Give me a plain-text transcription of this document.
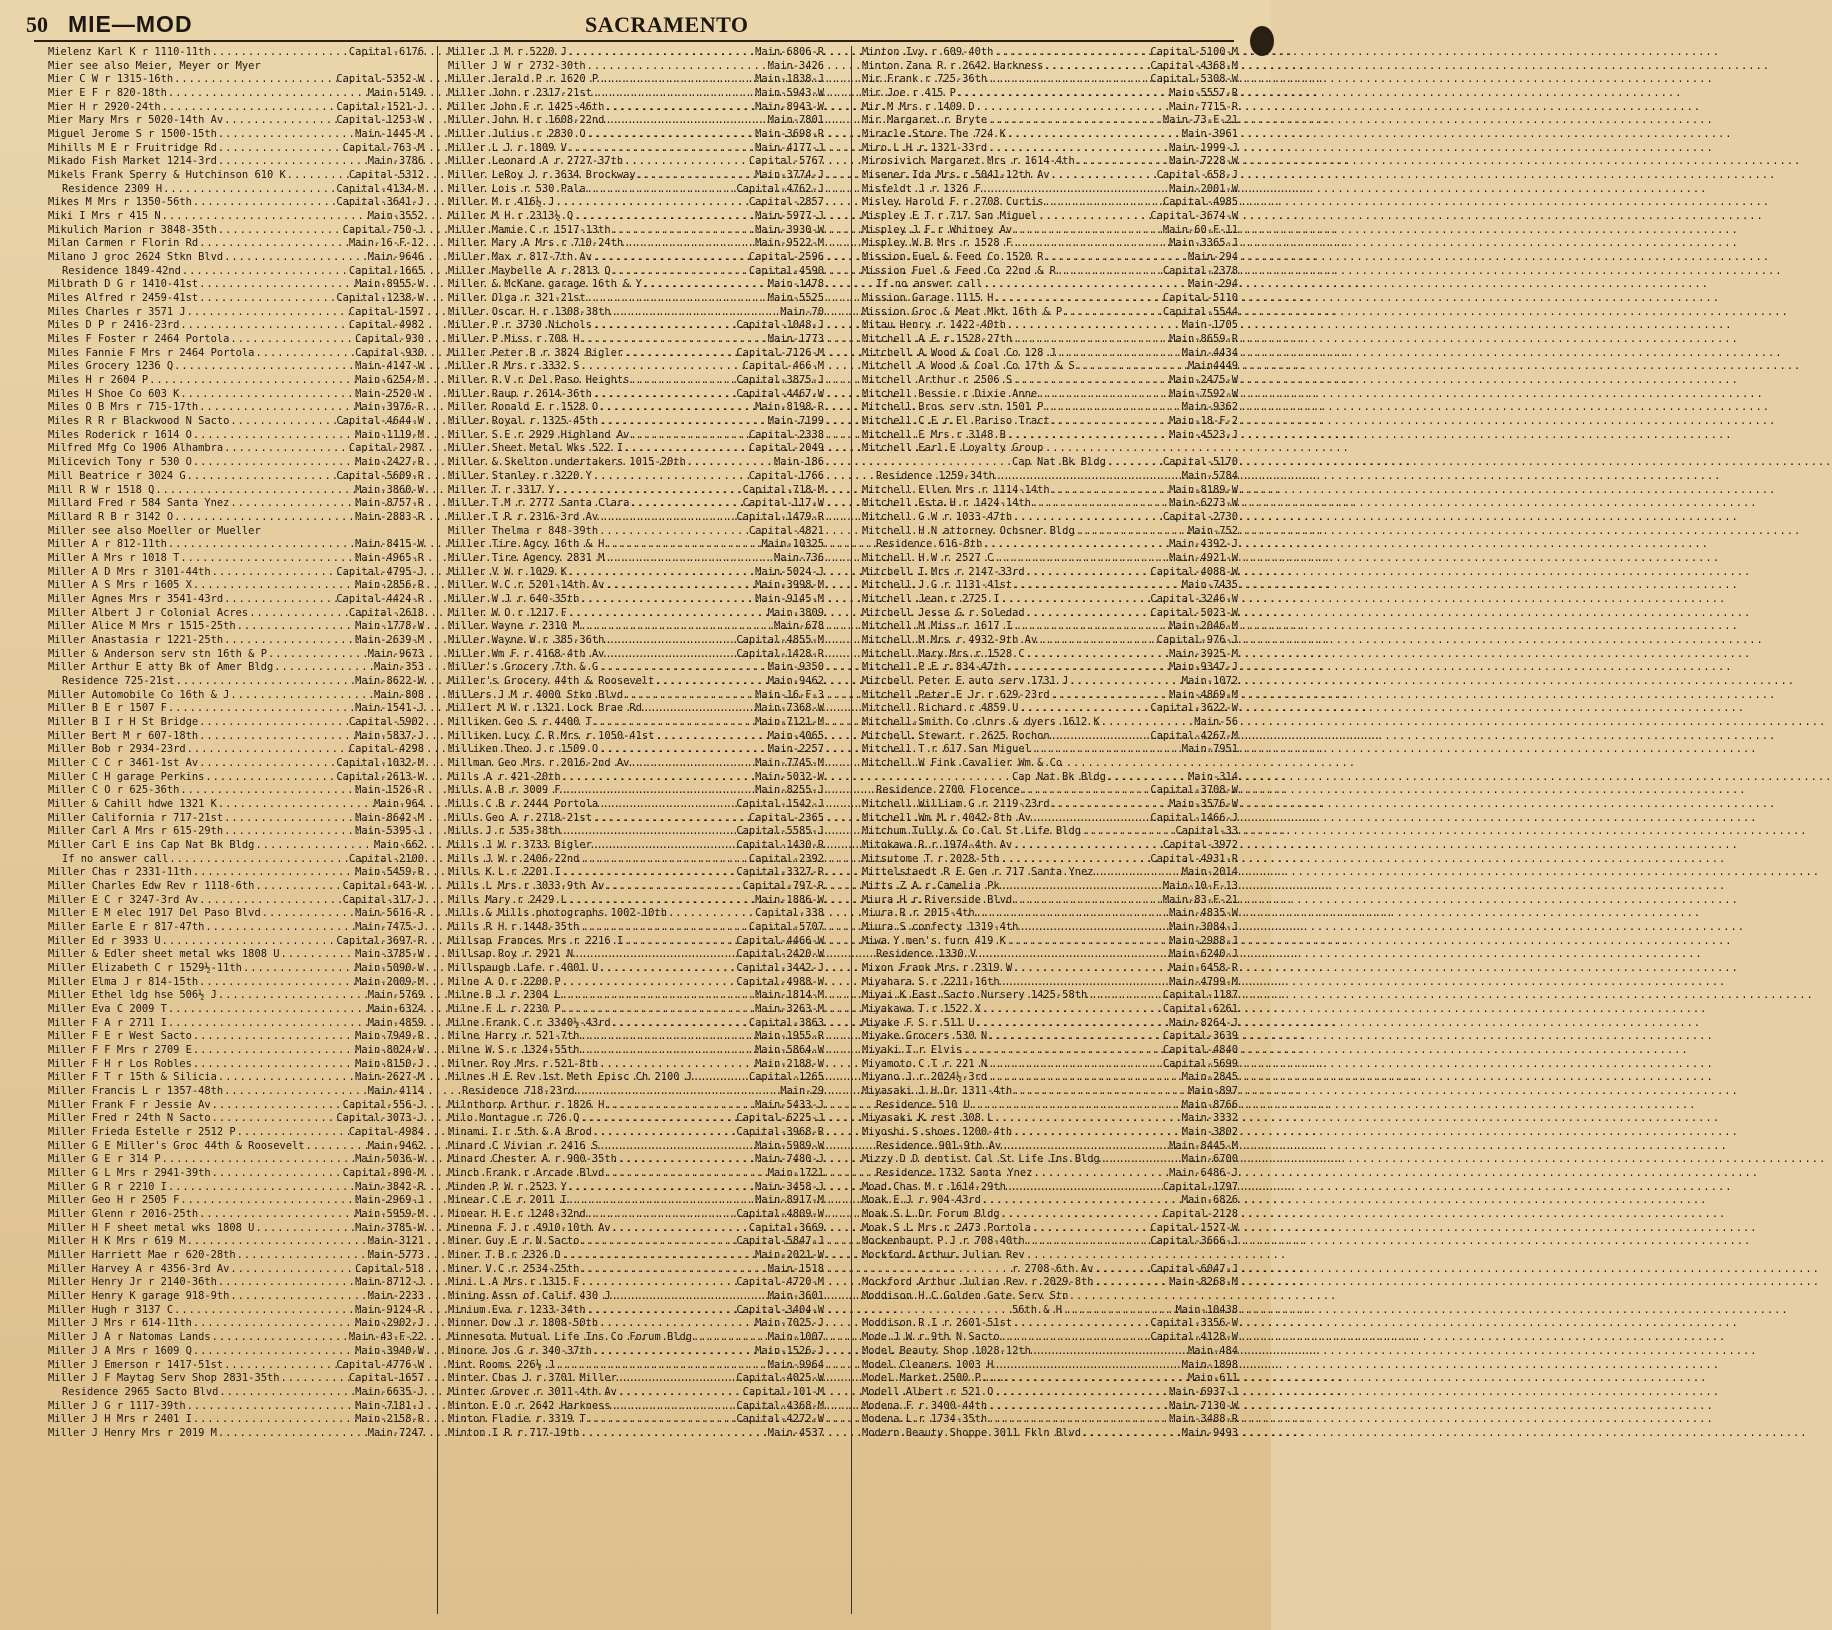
50 MIE—MOD	SACRAMENTO
Mielenz Karl K r 1110-11th .....	Capital-6176
Mier see also Meier, Meyer or Myer
Mier C W r 1315-16th .....	Capital-5352-W
Mier E F r 820-18th .....	Main-5149
Mier H r 2920-24th .....	Capital-1521-J
Mier Mary Mrs r 5020-14th Av .....	Capital-1253-W
Miguel Jerome S r 1500-15th .....	Main-1445-M
Mihills M E r Fruitridge Rd .....	Capital-763-M
Mikado Fish Market 1214-3rd .....	Main-3786
Mikels Frank Sperry & Hutchinson 610 K .....	Capital-5312
Residence 2309 H .....	Capital-4134-M
Mikes M Mrs r 1350-56th .....	Capital-3641-J
Miki I Mrs r 415 N .....	Main-3552
Mikulich Marion r 3848-35th .....	Capital-750-J
Milan Carmen r Florin Rd .....	Main-16-F-12
Milano J groc 2624 Stkn Blvd .....	Main-9646
Residence 1849-42nd .....	Capital-1665
Milbrath D G r 1410-41st .....	Main-8955-W
Miles Alfred r 2459-41st .....	Capital-1238-W
Miles Charles r 3571 J .....	Capital-1597
Miles D P r 2416-23rd .....	Capital-4982
Miles F Foster r 2464 Portola .....	Capital-930
Miles Fannie F Mrs r 2464 Portola .....	Capital-930
Miles Grocery 1236 Q .....	Main-4147-W
Miles H r 2604 P .....	Main-6254-M
Miles H Shoe Co 603 K .....	Main-2520-W
Miles O B Mrs r 715-17th .....	Main-3976-R
Miles R R r Blackwood N Sacto .....	Capital-4644-W
Miles Roderick r 1614 O .....	Main-1119-M
Milfred Mfg Co 1906 Alhambra .....	Capital-2987
Milicevich Tony r 530 O .....	Main-2427-R
Mill Beatrice r 3024 G .....	Capital-5609-R
Mill R W r 1518 Q .....	Main-3860-W
Millard Fred r 584 Santa Ynez .....	Main-8757-R
Millard R B r 3142 O .....	Main-2883-R
Miller see also Moeller or Mueller
Miller A r 812-11th .....	Main-8415-W
Miller A Mrs r 1018 T .....	Main-4965-R
Miller A D Mrs r 3101-44th .....	Capital-4795-J
Miller A S Mrs r 1605 X .....	Main-2856-R
Miller Agnes Mrs r 3541-43rd .....	Capital-4424-R
Miller Albert J r Colonial Acres .....	Capital-2618
Miller Alice M Mrs r 1515-25th .....	Main-1778-W
Miller Anastasia r 1221-25th .....	Main-2639-M
Miller & Anderson serv stn 16th & P .....	Main-9673
Miller Arthur E atty Bk of Amer Bldg .....	Main-353
Residence 725-21st .....	Main-8622-W
Miller Automobile Co 16th & J .....	Main-808
Miller B E r 1507 F .....	Main-1541-J
Miller B I r H St Bridge .....	Capital-5902
Miller Bert M r 607-18th .....	Main-5837-J
Miller Bob r 2934-23rd .....	Capital-4298
Miller C C r 3461-1st Av .....	Capital-1032-M
Miller C H garage Perkins .....	Capital-2613-W
Miller C O r 625-36th .....	Main-1526-R
Miller & Cahill hdwe 1321 K .....	Main-964
Miller California r 717-21st .....	Main-8642-M
Miller Carl A Mrs r 615-29th .....	Main-5395-J
Miller Carl E ins Cap Nat Bk Bldg .....	Main-662
If no answer call .....	Capital-2100
Miller Chas r 2331-11th .....	Main-5459-R
Miller Charles Edw Rev r 1118-6th .....	Capital-643-W
Miller E C r 3247-3rd Av .....	Capital-317-J
Miller E M elec 1917 Del Paso Blvd .....	Main-5616-R
Miller Earle E r 817-47th .....	Main-7475-J
Miller Ed r 3933 U .....	Capital-3697-R
Miller & Edler sheet metal wks 1808 U .....	Main-3785-W
Miller Elizabeth C r 1529½-11th .....	Main-5090-W
Miller Elma J r 814-15th .....	Main-2009-M
Miller Ethel ldg hse 506½ J .....	Main-5769
Miller Eva C 2009 T .....	Main-6324
Miller F A r 2711 I .....	Main-4859
Miller F E r West Sacto .....	Main-7949-R
Miller F F Mrs r 2709 E .....	Main-8024-W
Miller F H r Los Robles .....	Main-8150-J
Miller F T r 15th & Silicia .....	Main-2627-M
Miller Francis L r 1357-48th .....	Main-4114
Miller Frank F r Jessie Av .....	Capital-556-J
Miller Fred r 24th N Sacto .....	Capital-3073-J
Miller Frieda Estelle r 2512 P .....	Capital-4984
Miller G E Miller's Groc 44th & Roosevelt .....	Main-9462
Miller G E r 314 P .....	Main-5036-W
Miller G L Mrs r 2941-39th .....	Capital-890-M
Miller G R r 2210 I .....	Main-3842-R
Miller Geo H r 2505 F .....	Main-2969-J
Miller Glenn r 2016-25th .....	Main-5959-M
Miller H F sheet metal wks 1808 U .....	Main-3785-W
Miller H K Mrs r 619 M .....	Main-3121
Miller Harriett Mae r 620-28th .....	Main-5773
Miller Harvey A r 4356-3rd Av .....	Capital-518
Miller Henry Jr r 2140-36th .....	Main-8712-J
Miller Henry K garage 918-9th .....	Main-2233
Miller Hugh r 3137 C .....	Main-9124-R
Miller J Mrs r 614-11th .....	Main-2902-J
Miller J A r Natomas Lands .....	Main-43-F-22
Miller J A Mrs r 1609 Q .....	Main-3940-W
Miller J Emerson r 1417-51st .....	Capital-4776-W
Miller J F Maytag Serv Shop 2831-35th .....	Capital-1657
Residence 2965 Sacto Blvd .....	Main-6635-J
Miller J G r 1117-39th .....	Main-7181-J
Miller J H Mrs r 2401 I .....	Main-2158-R
Miller J Henry Mrs r 2019 M .....	Main-7247
Miller J M r 5220 J .....	Main-6806-R
Miller J W r 2732-30th .....	Main-3426
Miller Jerald P r 1620 P .....	Main-1838-J
Miller John r 2317-21st .....	Main-5943-W
Miller John F r 1425-46th .....	Main-8943-W
Miller John H r 1608-22nd .....	Main-7801
Miller Julius r 2830 O .....	Main-3698-R
Miller L J r 1809 V .....	Main-4177-J
Miller Leonard A r 2727-37th .....	Capital-5767
Miller LeRoy J r 3634 Brockway .....	Main-3774-J
Miller Lois r 530 Pala .....	Capital-4762-J
Miller M r 416½ J .....	Capital-2857
Miller M H r 2313½ Q .....	Main-5977-J
Miller Mamie C r 1517-13th .....	Main-3930-W
Miller Mary A Mrs r 710-24th .....	Main-9522-M
Miller Max r 817-7th Av .....	Capital-2596
Miller Maybelle A r 2813 Q .....	Capital-4590
Miller & McKane garage 16th & Y .....	Main-1478
Miller Olga r 321-21st .....	Main-5525
Miller Oscar H r 1308-38th .....	Main-70
Miller P r 3730 Nichols .....	Capital-1048-J
Miller P Miss r 708 H .....	Main-1773
Miller Peter B r 3824 Bigler .....	Capital-7126-M
Miller R Mrs r 3332 S .....	Capital-466-M
Miller R V r Del Paso Heights .....	Capital-3875-J
Miller Raup r 2614-36th .....	Capital-4467-W
Miller Ronald E r 1528 O .....	Main-8198-R
Miller Royal r 1325-45th .....	Main-7199
Miller S E r 2929 Highland Av .....	Capital-2338
Miller Sheet Metal Wks 522 I .....	Capital-2049
Miller & Skelton undertakers 1015-20th .....	Main-186
Miller Stanley r 3220 Y .....	Capital-1766
Miller T r 3317 Y .....	Capital-718-M
Miller T M r 2777 Santa Clara .....	Capital-117-W
Miller T R r 2316-3rd Av .....	Capital-1479-R
Miller Thelma r 848-39th .....	Capital-4821
Miller Tire Agcy 16th & H .....	Main-10325
Miller Tire Agency 2831 M .....	Main-736
Miller V W r 1029 K .....	Main-5024-J
Miller W C r 5201-14th Av .....	Main-3998-M
Miller W J r 640-35th .....	Main-9145-M
Miller W O r 1217 F .....	Main-3809
Miller Wayne r 2310 M .....	Main-678
Miller Wayne W r 385-36th .....	Capital-4855-M
Miller Wm F r 4168-4th Av .....	Capital-1428-R
Miller's Grocery 7th & G .....	Main-9350
Miller's Grocery 44th & Roosevelt .....	Main-9462
Millers J M r 4000 Stkn Blvd .....	Main-16-F-3
Millert M W r 1321 Lock Brae Rd .....	Main-7368-W
Milliken Geo S r 4400 T .....	Main-7121-M
Milliken Lucy C R Mrs r 1050-41st .....	Main-4065
Milliken Theo J r 1509 O .....	Main-2257
Millman Geo Mrs r 2016-2nd Av .....	Main-7745-M
Mills A r 421-20th .....	Main-5032-W
Mills A B r 3009 F .....	Main-8255-J
Mills C B r 2444 Portola .....	Capital-1542-J
Mills Geo A r 2718-21st .....	Capital-2365
Mills J r 535-38th .....	Capital-5585-J
Mills J W r 3733 Bigler .....	Capital-1430-R
Mills J W r 2406-22nd .....	Capital-2392
Mills K L r 2201 I .....	Capital-3327-R
Mills L Mrs r 3033-9th Av .....	Capital-797-R
Mills Mary r 2429 L .....	Main-1886-W
Mills & Mills photographs 1002-10th .....	Capital-338
Mills R H r 1448-35th .....	Capital-5707
Millsap Frances Mrs r 2216 I .....	Capital-4466-W
Millsap Roy r 2921 N .....	Capital-2420-W
Millspaugh Lafe r 4001 U .....	Capital-3442-J
Milne A O r 2200 P .....	Capital-4988-W
Milne B J r 2304 L .....	Main-1814-M
Milne F L r 2230 P .....	Main-3263-M
Milne Frank C r 3340½-43rd .....	Capital-3863
Milne Harry r 521-7th .....	Main-1955-R
Milne W S r 1324-55th .....	Main-5864-W
Milner Roy Mrs r 521-8th .....	Main-2188-W
Milnes H E Rev 1st Meth Episc Ch 2100 J .....	Capital-1265
Residence 718-23rd .....	Main-29
Milnthorp Arthur r 1826 H .....	Main-5433-J
Milo Montague r 726 Q .....	Capital-6225-J
Minami I r 5th & A Brod .....	Capital-3968-R
Minard C Vivian r 2416 S .....	Main-5989-W
Minard Chester A r 900-35th .....	Main-7480-J
Minch Frank r Arcade Blvd .....	Main-1721
Minden P W r 2523 Y .....	Main-3458-J
Minear C E r 2011 I .....	Main-8917-M
Minear H E r 1248-32nd .....	Capital-4809-W
Minenna F J r 4910-10th Av .....	Capital-3669
Miner Guy E r N Sacto .....	Capital-5847-J
Miner T B r 2326 D .....	Main-2021-W
Miner V C r 2534-25th .....	Main-1518
Mini L A Mrs r 1315 F .....	Capital-4720-M
Mining Assn of Calif 430 J .....	Main-3601
Minium Eva r 1233-34th .....	Capital-3404-W
Minner Dow J r 1808-50th .....	Main-7025-J
Minnesota Mutual Life Ins Co Forum Bldg .....	Main-1007
Minore Jos G r 340-37th .....	Main-1526-J
Mint Rooms 226½ J .....	Main-9964
Minter Chas J r 3701 Miller .....	Capital-4025-W
Minter Grover r 3011-4th Av .....	Capital-101-M
Minton E O r 2642 Harkness .....	Capital-4368-M
Minton Fladie r 3319 T .....	Capital-4272-W
Minton I R r 717-19th .....	Main-4537
Minton Ivy r 609-40th .....	Capital-5100-M
Minton Zana R r 2642 Harkness .....	Capital-4368-M
Mir Frank r 725-36th .....	Capital-5308-W
Mir Joe r 415 P .....	Main-5557-R
Mir M Mrs r 1409 D .....	Main-7715-R
Mir Margaret r Bryte .....	Main-73-F-21
Miracle Store The 724 K .....	Main-3961
Miro L H r 1321-33rd .....	Main-1999-J
Mirosivich Margaret Mrs r 1614-4th .....	Main-7228-W
Misener Ida Mrs r 5041-12th Av .....	Capital-658-J
Misfeldt J r 1326 F .....	Main-2001-W
Misley Harold F r 2708 Curtis .....	Capital-4985
Mispley E T r 717 San Miguel .....	Capital-3674-W
Mispley J F r Whitney Av .....	Main-60-F-11
Mispley W B Mrs r 1528 F .....	Main-3365-J
Mission Fuel & Feed Co 1520 R .....	Main-294
Mission Fuel & Feed Co 22nd & R .....	Capital-2378
If no answer call .....	Main-294
Mission Garage 1115 H .....	Capital-5110
Mission Groc & Meat Mkt 16th & P .....	Capital-5544
Mitau Henry r 1422-40th .....	Main-1705
Mitchell A E r 1528-27th .....	Main-8659-R
Mitchell A Wood & Coal Co 128 J .....	Main-4434
Mitchell A Wood & Coal Co 17th & S .....	Main4449
Mitchell Arthur r 2506 S .....	Main-2475-W
Mitchell Bessie r Dixie Anne .....	Main-7592-W
Mitchell Bros serv stn 1501 P .....	Main-9362
Mitchell C E r El Pariso Tract .....	Main-18-F-2
Mitchell E Mrs r 3148 B .....	Main-4523-J
Mitchell Earl E Loyalty Group
Cap Nat Bk Bldg .....	Capital-5170
Residence 1259-34th .....	Main-5784
Mitchell Ellen Mrs r 1114-14th .....	Main-8189-W
Mitchell Esta H r 1424-14th .....	Main-6273-W
Mitchell G W r 1033-47th .....	Capital-2730
Mitchell H N attorney Ochsner Bldg .....	Main-752
Residence 616-8th .....	Main-4392-J
Mitchell H W r 2527 C .....	Main-4921-W
Mitchell I Mrs r 2147-33rd .....	Capital-4088-W
Mitchell J G r 1131-41st .....	Main-7435
Mitchell Jean r 2725 I .....	Capital-3246-W
Mitchell Jesse G r Soledad .....	Capital-5023-W
Mitchell M Miss r 1617 I .....	Main-2046-M
Mitchell M Mrs r 4932-9th Av .....	Capital-976-J
Mitchell Mary Mrs r 1528 C .....	Main-3925-M
Mitchell P E r 834-47th .....	Main-9347-J
Mitchell Peter E auto serv 1731 J .....	Main-1072
Mitchell Peter E Jr r 629-23rd .....	Main-4869-M
Mitchell Richard r 4859 U .....	Capital-3622-W
Mitchell-Smith Co clnrs & dyers 1612 K .....	Main-56
Mitchell Stewart r 2625 Rochon .....	Capital-4267-M
Mitchell T r 617 San Miguel .....	Main-7951
Mitchell W Fink Cavalier Wm & Co
Cap Nat Bk Bldg .....	Main-314
Residence 2700 Florence .....	Capital-3708-W
Mitchell William G r 2119-23rd .....	Main-3576-W
Mitchell Wm M r 4042-8th Av .....	Capital-1466-J
Mitchum Tully & Co Cal St Life Bldg .....	Capital-33
Mitokawa R r 1974-4th Av .....	Capital-3972
Mitsutome T r 2028-5th .....	Capital-4931-R
Mittelstaedt R E Gen r 717 Santa Ynez .....	Main-2014
Mitts Z A r Camelia Pk .....	Main-10-F-13
Miura H r Riverside Blvd .....	Main-83-F-21
Miura R r 2015-4th .....	Main-4835-W
Miura S confecty 1319-4th .....	Main-3084-J
Miwa Y men's furn 419 K .....	Main-2988-J
Residence 1330 V .....	Main-6240-J
Mixon Frank Mrs r 2319 W .....	Main-6458-R
Miyahara S r 2211-16th .....	Main-4799-M
Miyai K East Sacto Nursery 1425-58th .....	Capital-1187
Miyakawa T r 1522 X .....	Capital-6261
Miyake F S r 511 U .....	Main-8264-J
Miyake Grocers 530 N .....	Capital-3639
Miyaki T r Elvis .....	Capital-4840
Miyamoto C T r 221 N .....	Capital-5699
Miyano J r 2024½-3rd .....	Main-2845
Miyasaki J H Dr 1311-4th .....	Main-897
Residence 510 U .....	Main-8766
Miyasaki K rest 308 L .....	Main-3332
Miyoshi S shoes 1200-4th .....	Main-3802
Residence 901-9th Av .....	Main-8445-M
Mizzy D D dentist Cal St Life Ins Bldg .....	Main-6700
Residence 1732 Santa Ynez .....	Main-6486-J
Moad Chas M r 1614-29th .....	Capital-1797
Moak E J r 904-43rd .....	Main-6826
Moak S L Dr Forum Bldg .....	Capital-2128
Moak S L Mrs r 2473 Portola .....	Capital-1527-W
Mockenhaupt P J r 708-40th .....	Capital-3666-J
Mockford Arthur Julian Rev
r 2708-6th Av .....	Capital-6047-J
Mockford Arthur Julian Rev r 2029-8th .....	Main-8268-M
Moddison H C Golden Gate Serv Stn
56th & H .....	Main-10438
Moddison R I r 2601-51st .....	Capital-3356-W
Mode J W r 9th N Sacto .....	Capital-4128-W
Model Beauty Shop 1028-12th .....	Main-484
Model Cleaners 1003 H .....	Main-1898
Model Market 2500 P .....	Main-611
Modell Albert r 521 O .....	Main-6937-J
Modena F r 3400-44th .....	Main-7130-W
Modena L r 1734-35th .....	Main-3488-R
Modern Beauty Shoppe 3011 Fkln Blvd .....	Main-9493
